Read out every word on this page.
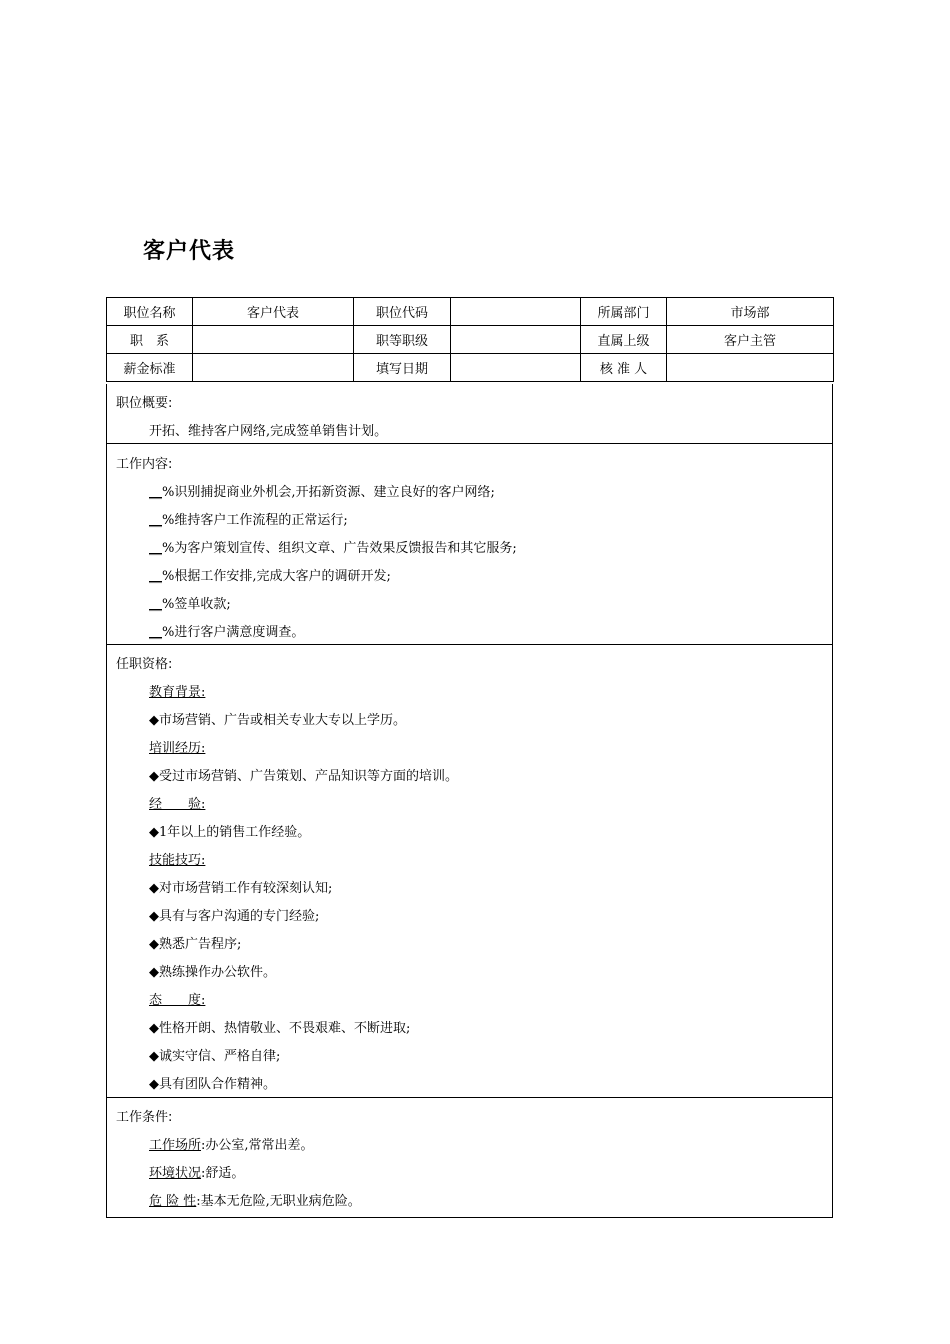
客户代表
职位名称	客户代表	职位代码		所属部门	市场部
职　系		职等职级		直属上级	客户主管
薪金标准		填写日期		核 准 人	
职位概要:
开拓、维持客户网络,完成签单销售计划。
工作内容:
__%识别捕捉商业外机会,开拓新资源、建立良好的客户网络;
__%维持客户工作流程的正常运行;
__%为客户策划宣传、组织文章、广告效果反馈报告和其它服务;
__%根据工作安排,完成大客户的调研开发;
__%签单收款;
__%进行客户满意度调查。
任职资格:
教育背景:
◆市场营销、广告或相关专业大专以上学历。
培训经历:
◆受过市场营销、广告策划、产品知识等方面的培训。
经　　验:
◆1年以上的销售工作经验。
技能技巧:
◆对市场营销工作有较深刻认知;
◆具有与客户沟通的专门经验;
◆熟悉广告程序;
◆熟练操作办公软件。
态　　度:
◆性格开朗、热情敬业、不畏艰难、不断进取;
◆诚实守信、严格自律;
◆具有团队合作精神。
工作条件:
工作场所:办公室,常常出差。
环境状况:舒适。
危 险 性:基本无危险,无职业病危险。
